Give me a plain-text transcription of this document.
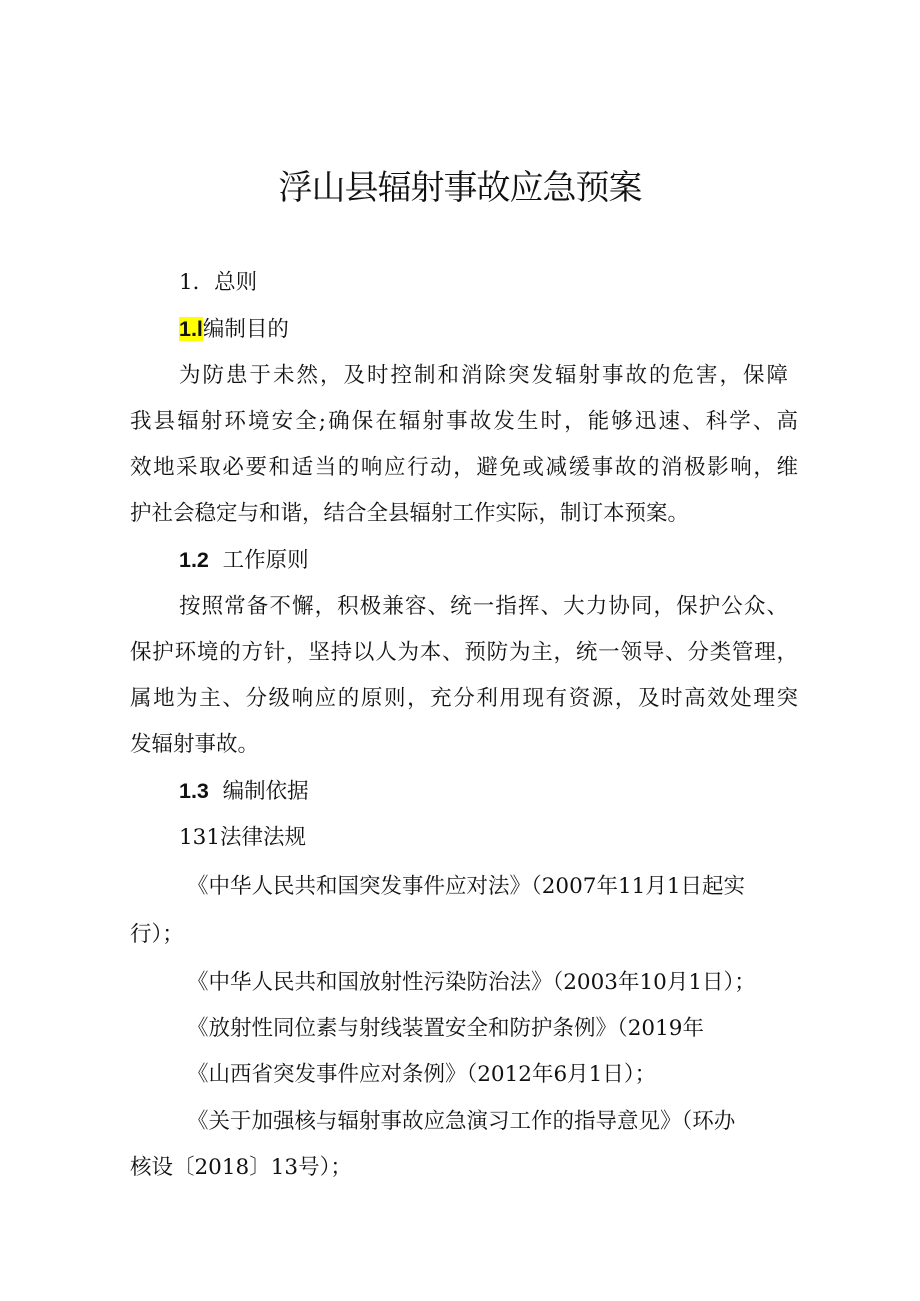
浮山县辐射事故应急预案
1．总则
1.l编制目的
为防患于未然，及时控制和消除突发辐射事故的危害，保障
我县辐射环境安全;确保在辐射事故发生时，能够迅速、科学、高
效地采取必要和适当的响应行动，避免或减缓事故的消极影响，维
护社会稳定与和谐，结合全县辐射工作实际，制订本预案。
1.2 工作原则
按照常备不懈，积极兼容、统一指挥、大力协同，保护公众、
保护环境的方针，坚持以人为本、预防为主，统一领导、分类管理，
属地为主、分级响应的原则，充分利用现有资源，及时高效处理突
发辐射事故。
1.3 编制依据
131法律法规
《中华人民共和国突发事件应对法》（2007年11月1日起实
行）；
《中华人民共和国放射性污染防治法》（2003年10月1日）；
《放射性同位素与射线装置安全和防护条例》（2019年
《山西省突发事件应对条例》（2012年6月1日）；
《关于加强核与辐射事故应急演习工作的指导意见》（环办
核设〔2018〕13号）；
